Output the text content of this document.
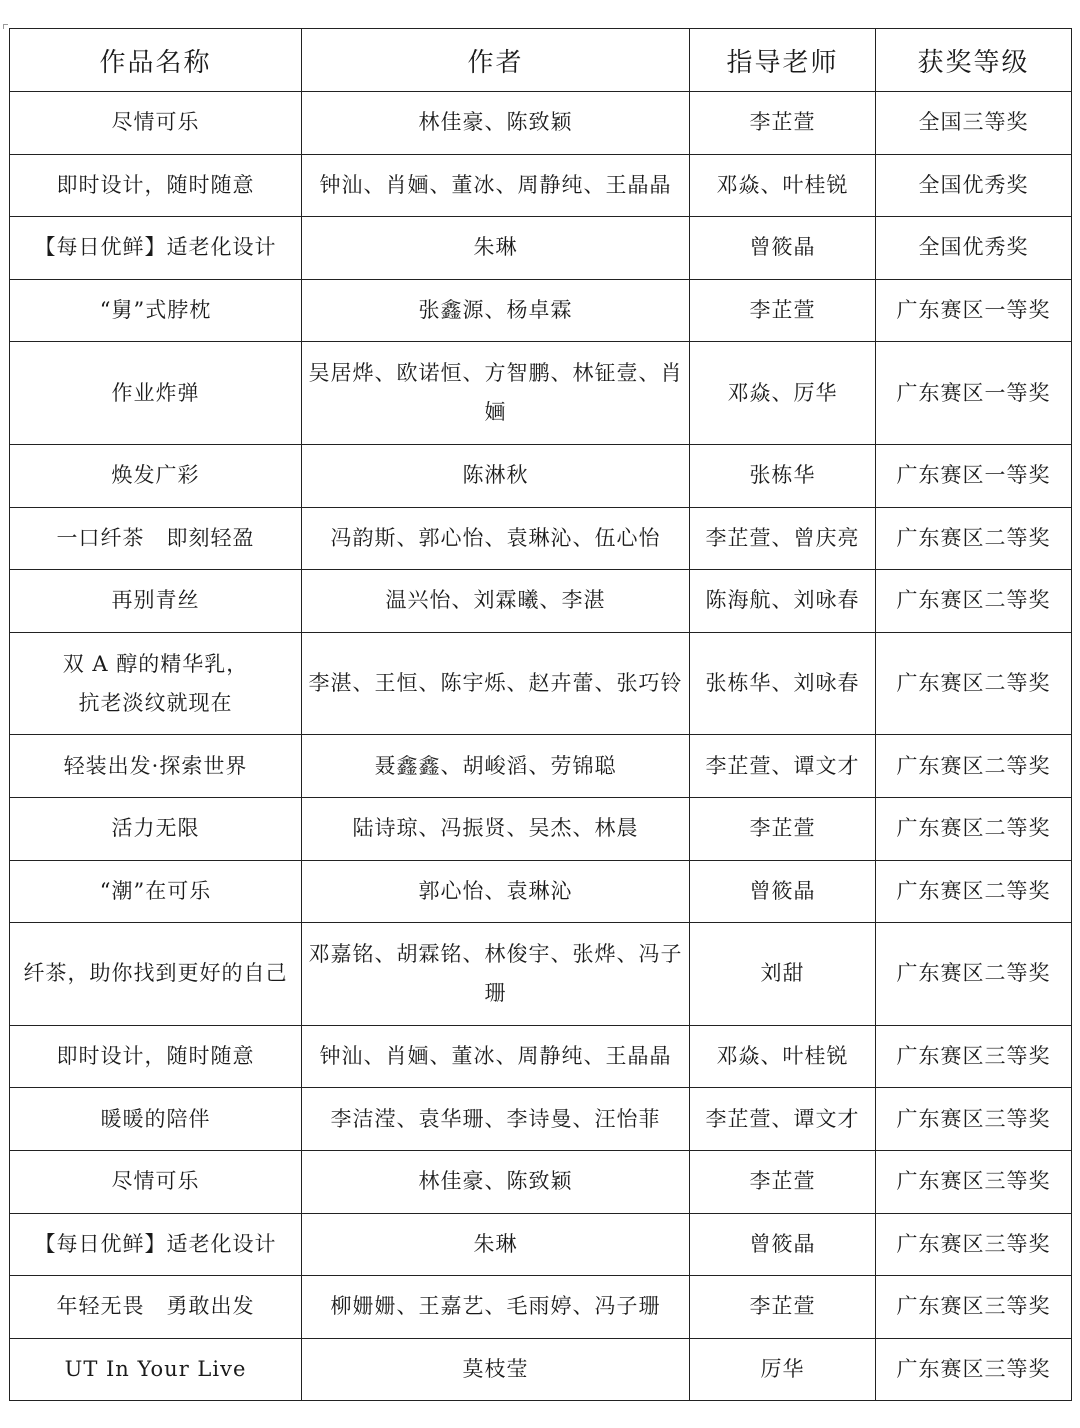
作品名称	作者	指导老师	获奖等级
尽情可乐	林佳豪、陈致颖	李芷萱	全国三等奖
即时设计，随时随意	钟汕、肖婳、董冰、周静纯、王晶晶	邓焱、叶桂锐	全国优秀奖
【每日优鲜】适老化设计	朱琳	曾筱晶	全国优秀奖
“舅”式脖枕	张鑫源、杨卓霖	李芷萱	广东赛区一等奖
作业炸弹	吴居烨、欧诺恒、方智鹏、林钲壹、肖婳	邓焱、厉华	广东赛区一等奖
焕发广彩	陈淋秋	张栋华	广东赛区一等奖
一口纤茶　即刻轻盈	冯韵斯、郭心怡、袁琳沁、伍心怡	李芷萱、曾庆亮	广东赛区二等奖
再别青丝	温兴怡、刘霖曦、李湛	陈海航、刘咏春	广东赛区二等奖
双 A 醇的精华乳，
抗老淡纹就现在	李湛、王恒、陈宇烁、赵卉蕾、张巧铃	张栋华、刘咏春	广东赛区二等奖
轻装出发·探索世界	聂鑫鑫、胡峻滔、劳锦聪	李芷萱、谭文才	广东赛区二等奖
活力无限	陆诗琼、冯振贤、吴杰、林晨	李芷萱	广东赛区二等奖
“潮”在可乐	郭心怡、袁琳沁	曾筱晶	广东赛区二等奖
纤茶，助你找到更好的自己	邓嘉铭、胡霖铭、林俊宇、张烨、冯子珊	刘甜	广东赛区二等奖
即时设计，随时随意	钟汕、肖婳、董冰、周静纯、王晶晶	邓焱、叶桂锐	广东赛区三等奖
暖暖的陪伴	李洁滢、袁华珊、李诗曼、汪怡菲	李芷萱、谭文才	广东赛区三等奖
尽情可乐	林佳豪、陈致颖	李芷萱	广东赛区三等奖
【每日优鲜】适老化设计	朱琳	曾筱晶	广东赛区三等奖
年轻无畏　勇敢出发	柳姗姗、王嘉艺、毛雨婷、冯子珊	李芷萱	广东赛区三等奖
UT In Your Live	莫枝莹	厉华	广东赛区三等奖
